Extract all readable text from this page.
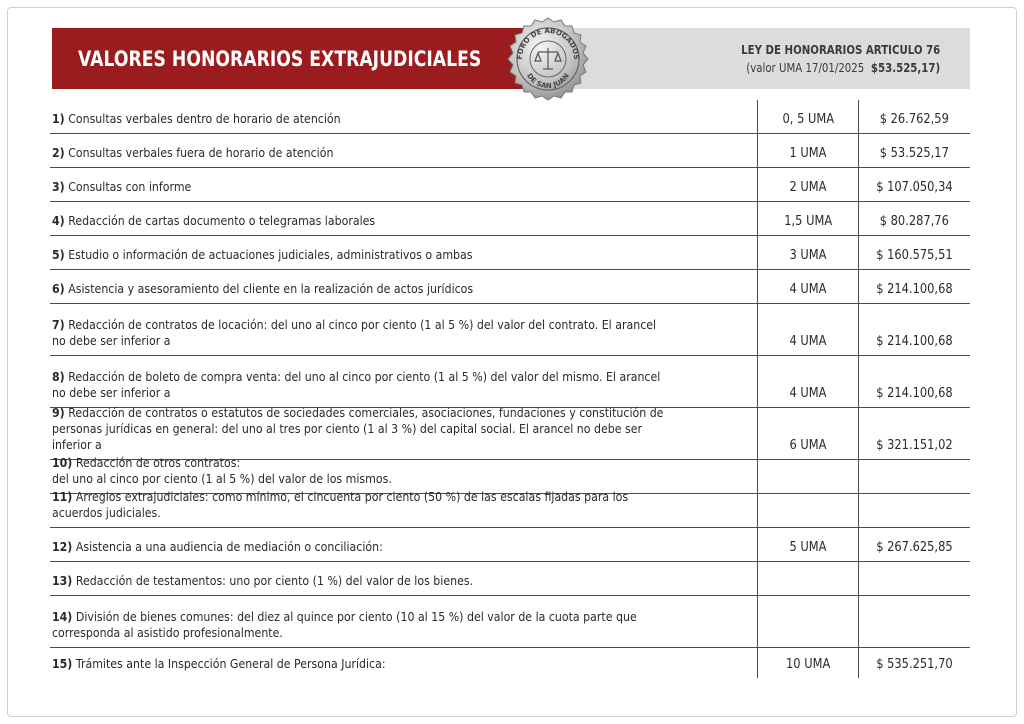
VALORES HONORARIOS EXTRAJUDICIALES	LEY DE HONORARIOS ARTICULO 76
(valor UMA 17/01/2025 $53.525,17)
FORO DE ABOGADOS
DE SAN JUAN
1) Consultas verbales dentro de horario de atención	0, 5 UMA	$ 26.762,59
2) Consultas verbales fuera de horario de atención	1 UMA	$ 53.525,17
3) Consultas con informe	2 UMA	$ 107.050,34
4) Redacción de cartas documento o telegramas laborales	1,5 UMA	$ 80.287,76
5) Estudio o información de actuaciones judiciales, administrativos o ambas	3 UMA	$ 160.575,51
6) Asistencia y asesoramiento del cliente en la realización de actos jurídicos	4 UMA	$ 214.100,68
7) Redacción de contratos de locación: del uno al cinco por ciento (1 al 5 %) del valor del contrato. El arancel no debe ser inferior a	4 UMA	$ 214.100,68
8) Redacción de boleto de compra venta: del uno al cinco por ciento (1 al 5 %) del valor del mismo. El arancel no debe ser inferior a	4 UMA	$ 214.100,68
9) Redacción de contratos o estatutos de sociedades comerciales, asociaciones, fundaciones y constitución de personas jurídicas en general: del uno al tres por ciento (1 al 3 %) del capital social. El arancel no debe ser inferior a	6 UMA	$ 321.151,02
10) Redacción de otros contratos:
del uno al cinco por ciento (1 al 5 %) del valor de los mismos.
11) Arreglos extrajudiciales: como mínimo, el cincuenta por ciento (50 %) de las escalas fijadas para los acuerdos judiciales.
12) Asistencia a una audiencia de mediación o conciliación:	5 UMA	$ 267.625,85
13) Redacción de testamentos: uno por ciento (1 %) del valor de los bienes.
14) División de bienes comunes: del diez al quince por ciento (10 al 15 %) del valor de la cuota parte que corresponda al asistido profesionalmente.
15) Trámites ante la Inspección General de Persona Jurídica:	10 UMA	$ 535.251,70
